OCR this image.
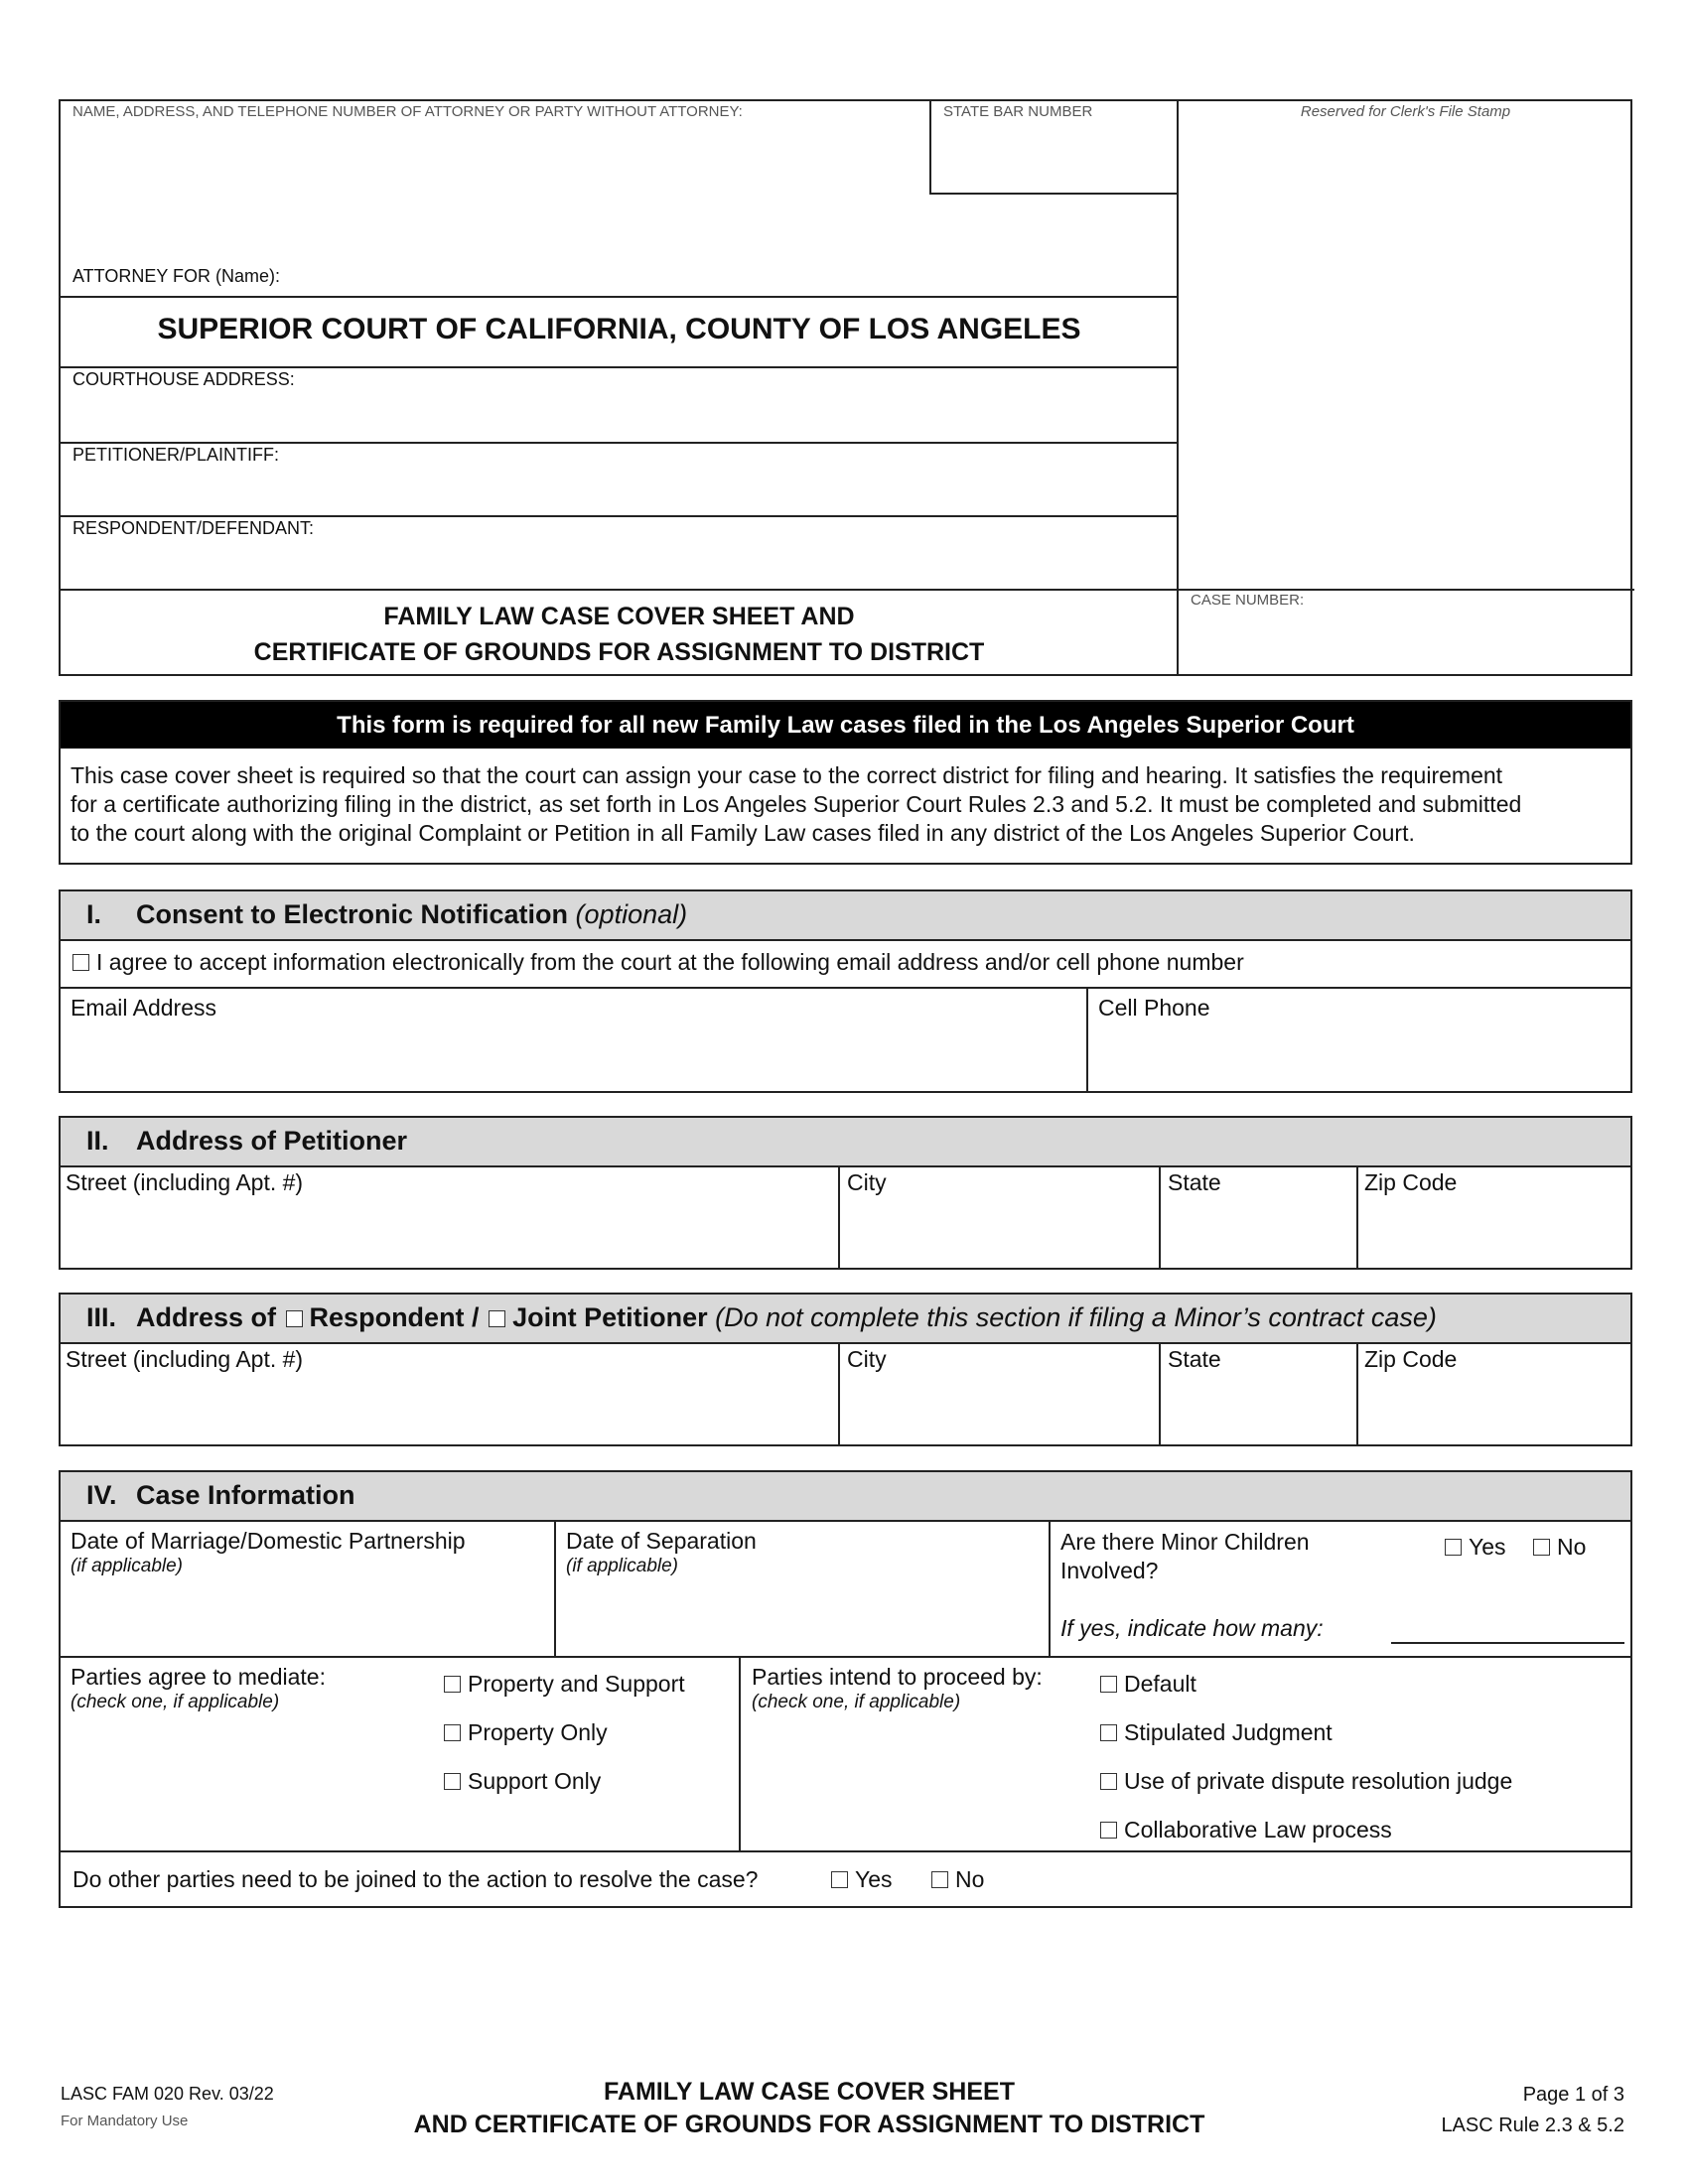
STATE BAR NUMBER
NAME, ADDRESS, AND TELEPHONE NUMBER OF ATTORNEY OR PARTY WITHOUT ATTORNEY:	Reserved for Clerk's File Stamp
ATTORNEY FOR (Name):
SUPERIOR COURT OF CALIFORNIA, COUNTY OF LOS ANGELES
COURTHOUSE ADDRESS:
PETITIONER/PLAINTIFF:
RESPONDENT/DEFENDANT:
FAMILY LAW CASE COVER SHEET AND
CERTIFICATE OF GROUNDS FOR ASSIGNMENT TO DISTRICT
CASE NUMBER:
This form is required for all new Family Law cases filed in the Los Angeles Superior Court
This case cover sheet is required so that the court can assign your case to the correct district for filing and hearing. It satisfies the requirement
for a certificate authorizing filing in the district, as set forth in Los Angeles Superior Court Rules 2.3 and 5.2. It must be completed and submitted
to the court along with the original Complaint or Petition in all Family Law cases filed in any district of the Los Angeles Superior Court.
I. Consent to Electronic Notification (optional)
I agree to accept information electronically from the court at the following email address and/or cell phone number
Email Address	Cell Phone
II. Address of Petitioner
Street (including Apt. #)	City	State	Zip Code
III. Address of Respondent / Joint Petitioner (Do not complete this section if filing a Minor’s contract case)
Street (including Apt. #)	City	State	Zip Code
IV. Case Information
Date of Marriage/Domestic Partnership
(if applicable)
Date of Separation
(if applicable)
Are there Minor Children
Involved?
Yes	No
If yes, indicate how many:
Parties agree to mediate:
(check one, if applicable)
Property and Support
Property Only
Support Only
Parties intend to proceed by:
(check one, if applicable)
Default
Stipulated Judgment
Use of private dispute resolution judge
Collaborative Law process
Do other parties need to be joined to the action to resolve the case?	Yes	No
LASC FAM 020 Rev. 03/22
For Mandatory Use
FAMILY LAW CASE COVER SHEET
AND CERTIFICATE OF GROUNDS FOR ASSIGNMENT TO DISTRICT
Page 1 of 3
LASC Rule 2.3 & 5.2
